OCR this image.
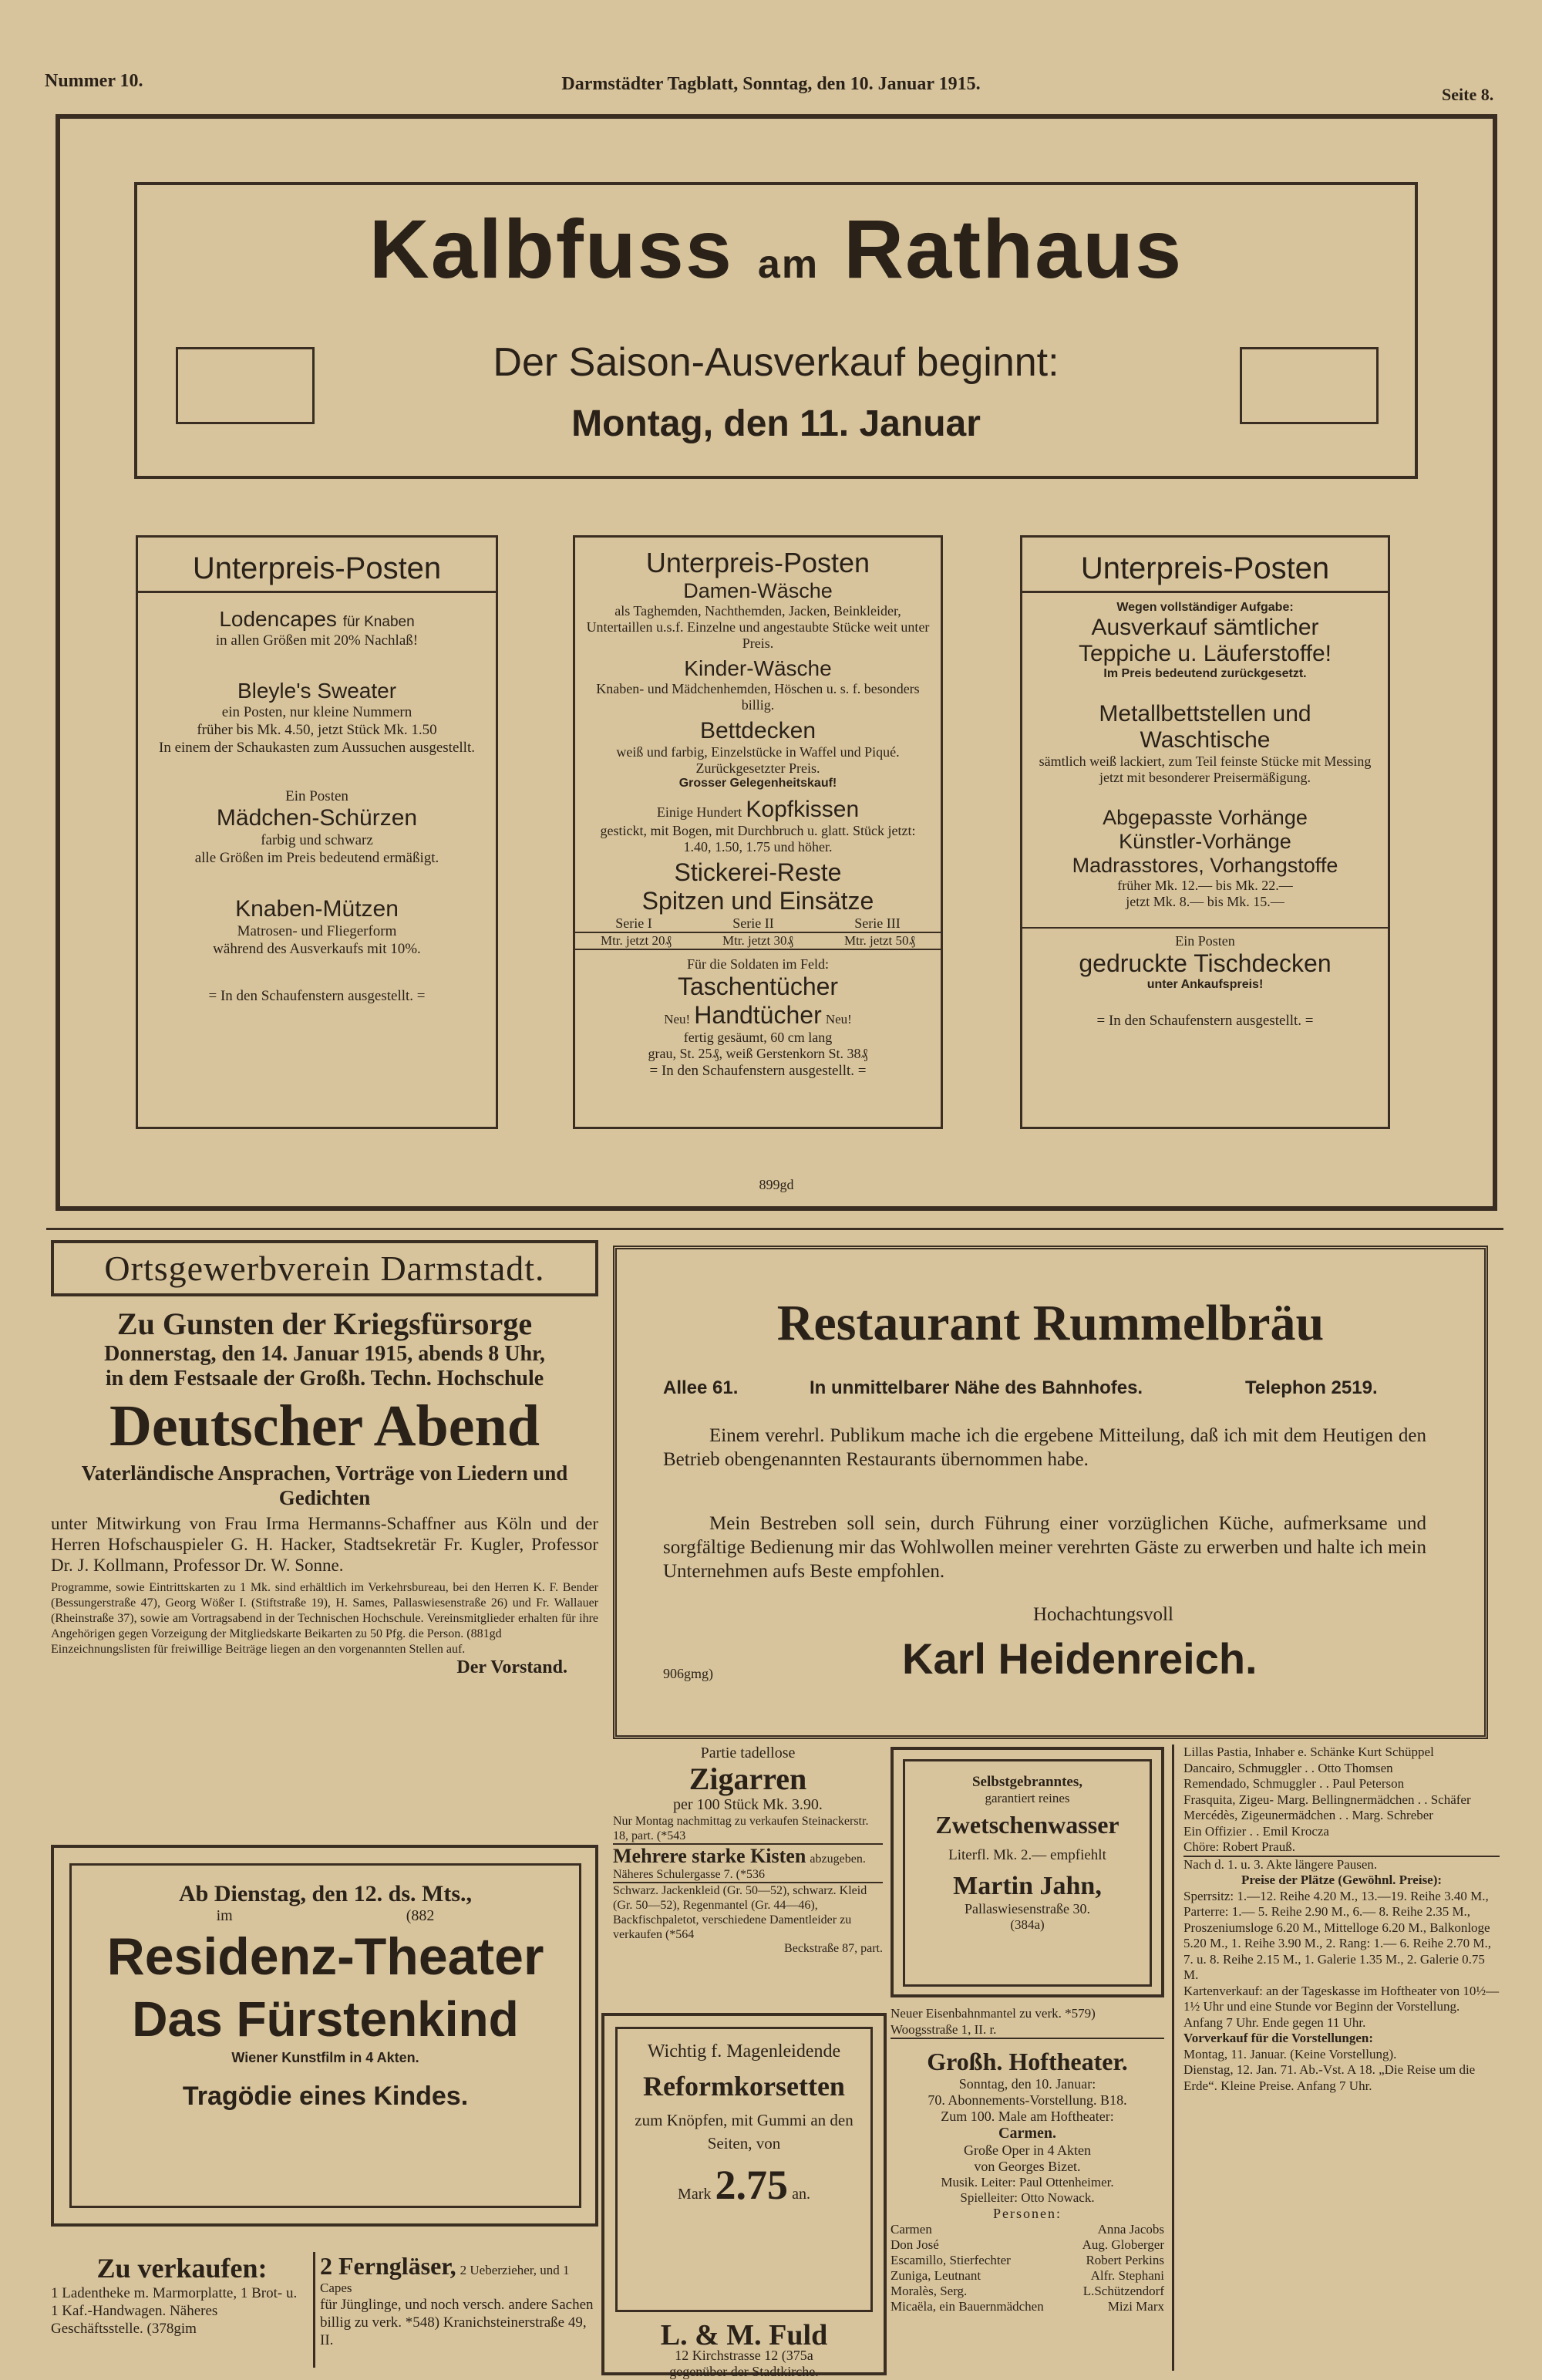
Nummer 10.	Darmstädter Tagblatt, Sonntag, den 10. Januar 1915.
Seite 8.
Kalbfuss am Rathaus
Der Saison-Ausverkauf beginnt:
Montag, den 11. Januar
Unterpreis-Posten
Lodencapes für Knaben
in allen Größen mit 20% Nachlaß!
Bleyle's Sweater
ein Posten, nur kleine Nummern
früher bis Mk. 4.50, jetzt Stück Mk. 1.50
In einem der Schaukasten zum Aussuchen ausgestellt.
Ein Posten
Mädchen-Schürzen
farbig und schwarz
alle Größen im Preis bedeutend ermäßigt.
Knaben-Mützen
Matrosen- und Fliegerform
während des Ausverkaufs mit 10%.
= In den Schaufenstern ausgestellt. =
Unterpreis-Posten
Damen-Wäsche
als Taghemden, Nachthemden, Jacken, Beinkleider, Untertaillen u.s.f. Einzelne und angestaubte Stücke weit unter Preis.
Kinder-Wäsche
Knaben- und Mädchenhemden, Höschen u. s. f. besonders billig.
Bettdecken
weiß und farbig, Einzelstücke in Waffel und Piqué. Zurückgesetzter Preis.
Grosser Gelegenheitskauf!
Einige Hundert Kopfkissen
gestickt, mit Bogen, mit Durchbruch u. glatt. Stück jetzt: 1.40, 1.50, 1.75 und höher.
Stickerei-Reste
Spitzen und Einsätze
Serie I	Serie II	Serie III
Mtr. jetzt 20₰	Mtr. jetzt 30₰	Mtr. jetzt 50₰
Für die Soldaten im Feld:
Taschentücher
Neu! Handtücher Neu!
fertig gesäumt, 60 cm lang
grau, St. 25₰, weiß Gerstenkorn St. 38₰
= In den Schaufenstern ausgestellt. =
Unterpreis-Posten
Wegen vollständiger Aufgabe:
Ausverkauf sämtlicher
Teppiche u. Läuferstoffe!
Im Preis bedeutend zurückgesetzt.
Metallbettstellen und
Waschtische
sämtlich weiß lackiert, zum Teil feinste Stücke mit Messing
jetzt mit besonderer Preisermäßigung.
Abgepasste Vorhänge
Künstler-Vorhänge
Madrasstores, Vorhangstoffe
früher Mk. 12.— bis Mk. 22.—
jetzt Mk. 8.— bis Mk. 15.—
Ein Posten
gedruckte Tischdecken
unter Ankaufspreis!
= In den Schaufenstern ausgestellt. =
899gd
Ortsgewerbverein Darmstadt.
Zu Gunsten der Kriegsfürsorge
Donnerstag, den 14. Januar 1915, abends 8 Uhr,
in dem Festsaale der Großh. Techn. Hochschule
Deutscher Abend
Vaterländische Ansprachen, Vorträge von Liedern und Gedichten
unter Mitwirkung von Frau Irma Hermanns-Schaffner aus Köln und der Herren Hofschauspieler G. H. Hacker, Stadtsekretär Fr. Kugler, Professor Dr. J. Kollmann, Professor Dr. W. Sonne.
Programme, sowie Eintrittskarten zu 1 Mk. sind erhältlich im Verkehrsbureau, bei den Herren K. F. Bender (Bessungerstraße 47), Georg Wößer I. (Stiftstraße 19), H. Sames, Pallaswiesenstraße 26) und Fr. Wallauer (Rheinstraße 37), sowie am Vortragsabend in der Technischen Hochschule. Vereinsmitglieder erhalten für ihre Angehörigen gegen Vorzeigung der Mitgliedskarte Beikarten zu 50 Pfg. die Person. (881gd
Einzeichnungslisten für freiwillige Beiträge liegen an den vorgenannten Stellen auf.
Der Vorstand.
Restaurant Rummelbräu
Allee 61.	In unmittelbarer Nähe des Bahnhofes.	Telephon 2519.
Einem verehrl. Publikum mache ich die ergebene Mitteilung, daß ich mit dem Heutigen den Betrieb obengenannten Restaurants übernommen habe.
Mein Bestreben soll sein, durch Führung einer vorzüglichen Küche, aufmerksame und sorgfältige Bedienung mir das Wohlwollen meiner verehrten Gäste zu erwerben und halte ich mein Unternehmen aufs Beste empfohlen.
Hochachtungsvoll
906gmg)	Karl Heidenreich.
Ab Dienstag, den 12. ds. Mts.,
im	(882
Residenz-Theater
Das Fürstenkind
Wiener Kunstfilm in 4 Akten.
Tragödie eines Kindes.
Zu verkaufen:
1 Ladentheke m. Marmorplatte, 1 Brot- u. 1 Kaf.-Handwagen. Näheres Geschäftsstelle. (378gim
2 Ferngläser, 2 Ueberzieher, und 1 Capes
für Jünglinge, und noch versch. andere Sachen billig zu verk. *548) Kranichsteinerstraße 49, II.
Partie tadellose
Zigarren
per 100 Stück Mk. 3.90.
Nur Montag nachmittag zu verkaufen Steinackerstr. 18, part. (*543
Mehrere starke Kisten abzugeben.
Näheres Schulergasse 7. (*536
Schwarz. Jackenkleid (Gr. 50—52), schwarz. Kleid (Gr. 50—52), Regenmantel (Gr. 44—46), Backfischpaletot, verschiedene Damentleider zu verkaufen (*564
Beckstraße 87, part.
Wichtig f. Magenleidende
Reformkorsetten
zum Knöpfen, mit Gummi an den Seiten, von
Mark 2.75 an.
L. & M. Fuld
12 Kirchstrasse 12 (375a
gegenüber der Stadtkirche.
Selbstgebranntes,
garantiert reines
Zwetschenwasser
Literfl. Mk. 2.— empfiehlt
Martin Jahn,
Pallaswiesenstraße 30.
(384a)
Neuer Eisenbahnmantel zu verk. *579) Woogsstraße 1, II. r.
Großh. Hoftheater.
Sonntag, den 10. Januar:
70. Abonnements-Vorstellung. B18.
Zum 100. Male am Hoftheater:
Carmen.
Große Oper in 4 Akten
von Georges Bizet.
Musik. Leiter: Paul Ottenheimer.
Spielleiter: Otto Nowack.
Personen:
Carmen	Anna Jacobs
Don José	Aug. Globerger
Escamillo, Stierfechter	Robert Perkins
Zuniga, Leutnant	Alfr. Stephani
Moralès, Serg.	L.Schützendorf
Micaëla, ein Bauernmädchen	Mizi Marx
Lillas Pastia, Inhaber e. Schänke Kurt Schüppel
Dancairo, Schmuggler . . Otto Thomsen
Remendado, Schmuggler . . Paul Peterson
Frasquita, Zigeu- Marg. Bellingnermädchen . . Schäfer
Mercédès, Zigeunermädchen . . Marg. Schreber
Ein Offizier . . Emil Krocza
Chöre: Robert Prauß.
Nach d. 1. u. 3. Akte längere Pausen.
Preise der Plätze (Gewöhnl. Preise):
Sperrsitz: 1.—12. Reihe 4.20 M., 13.—19. Reihe 3.40 M., Parterre: 1.— 5. Reihe 2.90 M., 6.— 8. Reihe 2.35 M., Proszeniumsloge 6.20 M., Mittelloge 6.20 M., Balkonloge 5.20 M., 1. Reihe 3.90 M., 2. Rang: 1.— 6. Reihe 2.70 M., 7. u. 8. Reihe 2.15 M., 1. Galerie 1.35 M., 2. Galerie 0.75 M.
Kartenverkauf: an der Tageskasse im Hoftheater von 10½—1½ Uhr und eine Stunde vor Beginn der Vorstellung.
Anfang 7 Uhr. Ende gegen 11 Uhr.
Vorverkauf für die Vorstellungen:
Montag, 11. Januar. (Keine Vorstellung).
Dienstag, 12. Jan. 71. Ab.-Vst. A 18. „Die Reise um die Erde“. Kleine Preise. Anfang 7 Uhr.
